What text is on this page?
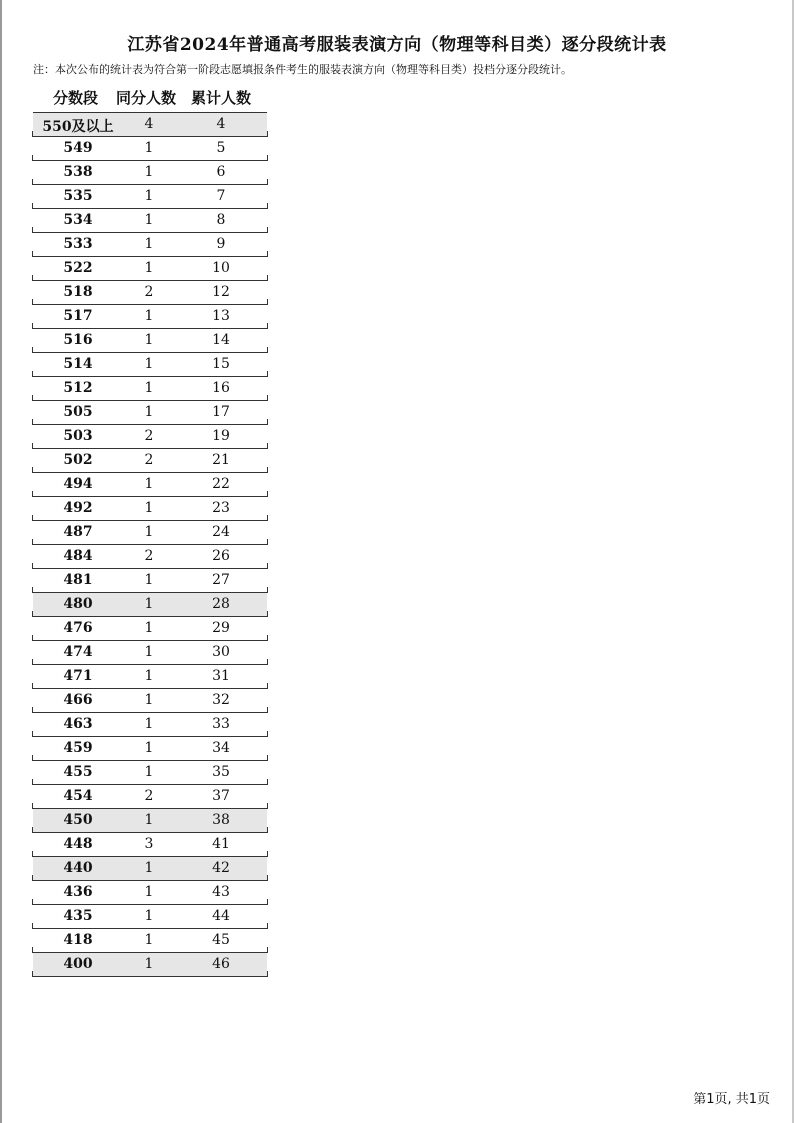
江苏省2024年普通高考服装表演方向（物理等科目类）逐分段统计表
注：本次公布的统计表为符合第一阶段志愿填报条件考生的服装表演方向（物理等科目类）投档分逐分段统计。
分数段 同分人数 累计人数
550及以上	4	4
549	1	5
538	1	6
535	1	7
534	1	8
533	1	9
522	1	10
518	2	12
517	1	13
516	1	14
514	1	15
512	1	16
505	1	17
503	2	19
502	2	21
494	1	22
492	1	23
487	1	24
484	2	26
481	1	27
480	1	28
476	1	29
474	1	30
471	1	31
466	1	32
463	1	33
459	1	34
455	1	35
454	2	37
450	1	38
448	3	41
440	1	42
436	1	43
435	1	44
418	1	45
400	1	46
第1页, 共1页
